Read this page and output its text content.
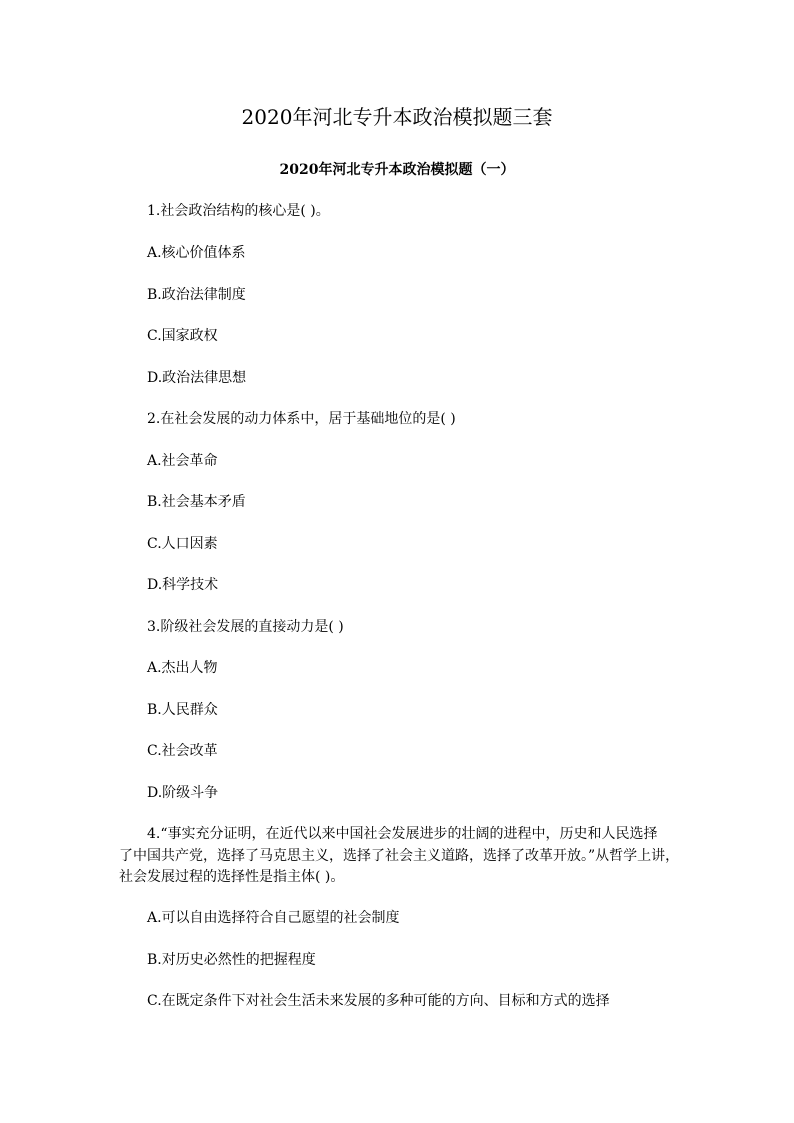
2020年河北专升本政治模拟题三套
2020年河北专升本政治模拟题（一）
1.社会政治结构的核心是( )。
A.核心价值体系
B.政治法律制度
C.国家政权
D.政治法律思想
2.在社会发展的动力体系中，居于基础地位的是( )
A.社会革命
B.社会基本矛盾
C.人口因素
D.科学技术
3.阶级社会发展的直接动力是( )
A.杰出人物
B.人民群众
C.社会改革
D.阶级斗争
4.“事实充分证明，在近代以来中国社会发展进步的壮阔的进程中，历史和人民选择
了中国共产党，选择了马克思主义，选择了社会主义道路，选择了改革开放。”从哲学上讲，
社会发展过程的选择性是指主体( )。
A.可以自由选择符合自己愿望的社会制度
B.对历史必然性的把握程度
C.在既定条件下对社会生活未来发展的多种可能的方向、目标和方式的选择
